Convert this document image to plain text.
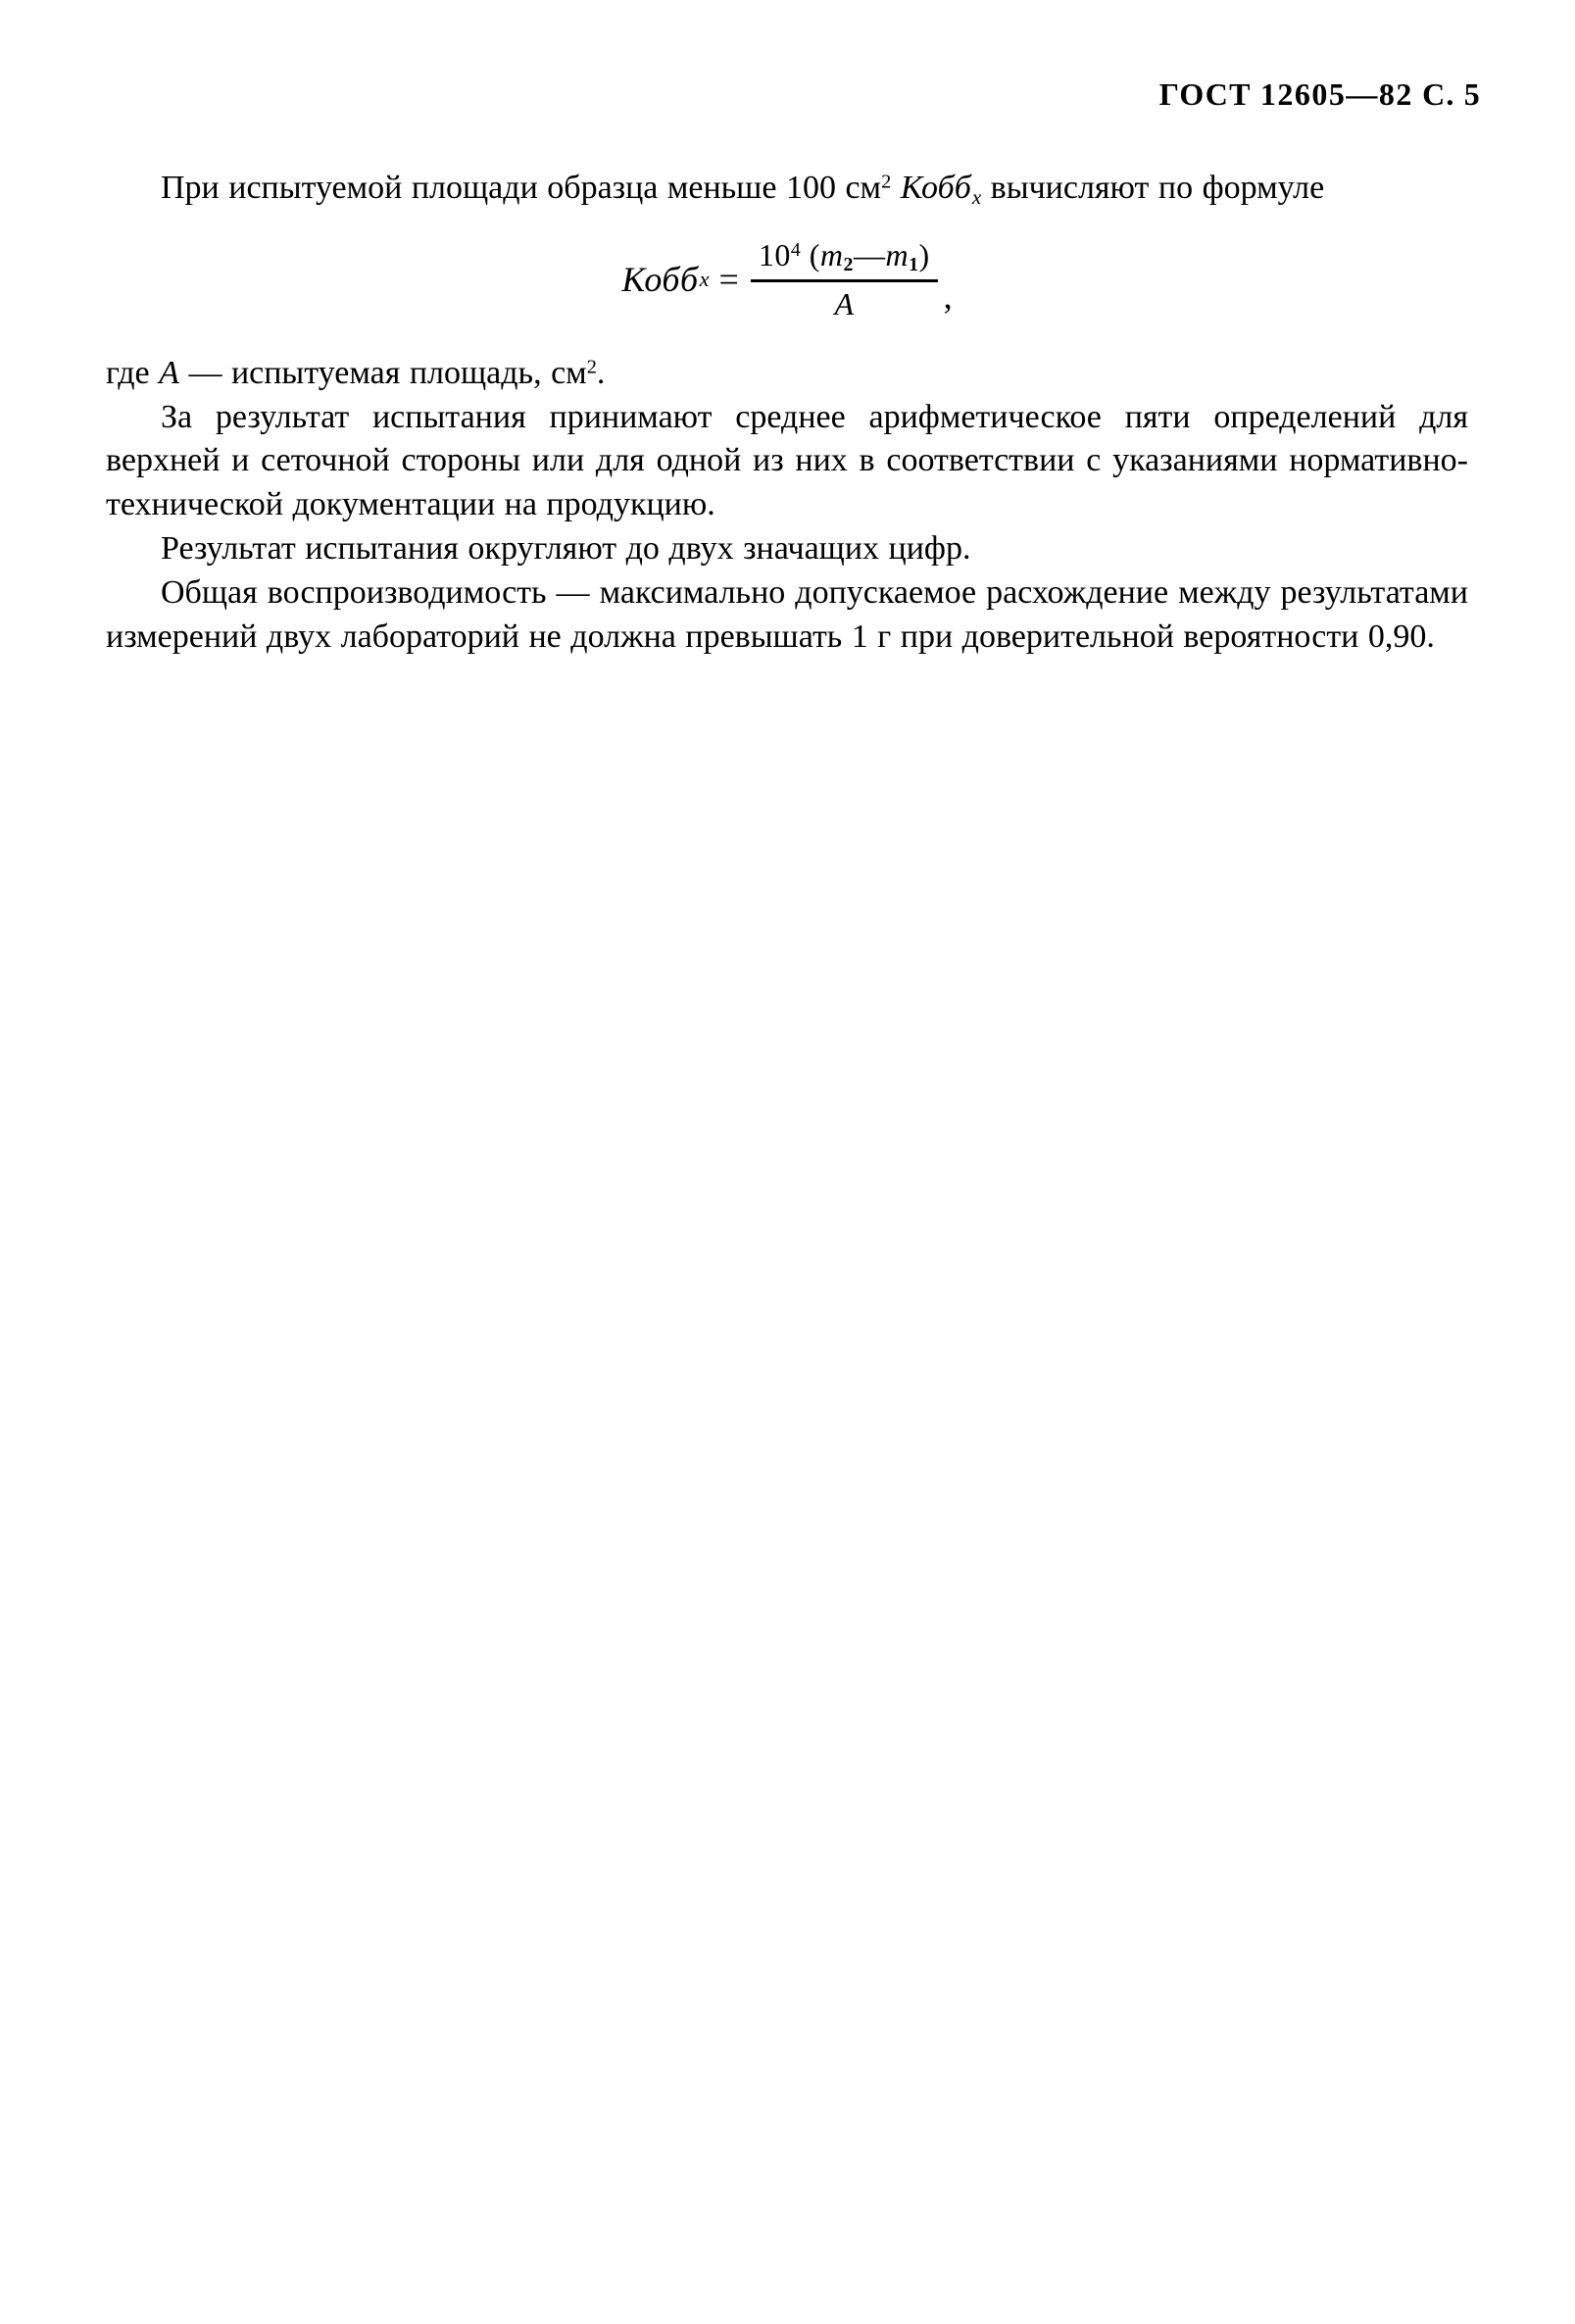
ГОСТ 12605—82 С. 5

При испытуемой площади образца меньше 100 $см^2$ Кобб$_x$ вычисляют по формуле

Кобб $x = \frac{10^4 (m_2—m_1)}{A}$ ,

где A — испытуемая площадь, $см^2$.

За результат испытания принимают среднее арифметическое пяти определений для верхней и сеточной стороны или для одной из них в соответствии с указаниями нормативно-технической документации на продукцию.

Результат испытания округляют до двух значащих цифр.

Общая воспроизводимость — максимально допускаемое расхождение между результатами измерений двух лабораторий не должна превышать 1 г при доверительной вероятности 0,90.
